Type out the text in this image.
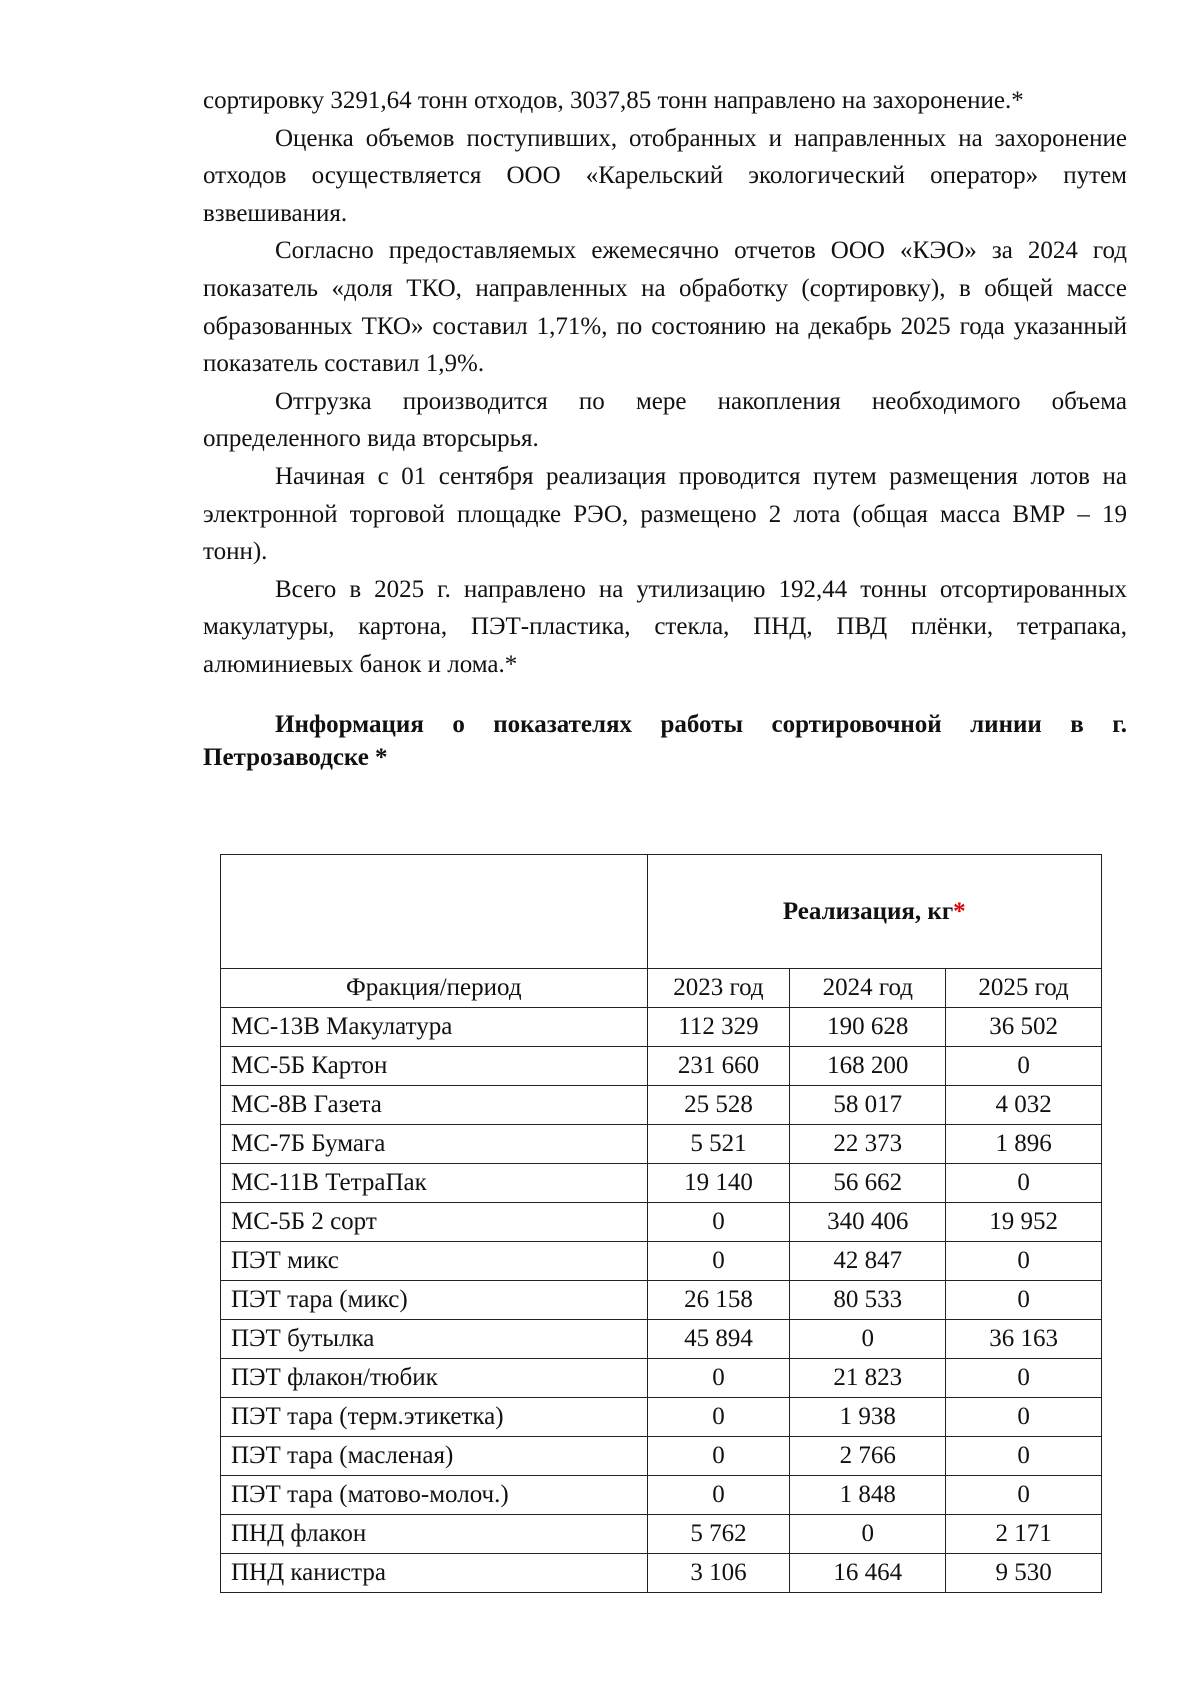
сортировку 3291,64 тонн отходов, 3037,85 тонн направлено на захоронение.*

Оценка объемов поступивших, отобранных и направленных на захоронение отходов осуществляется ООО «Карельский экологический оператор» путем взвешивания.

Согласно предоставляемых ежемесячно отчетов ООО «КЭО» за 2024 год показатель «доля ТКО, направленных на обработку (сортировку), в общей массе образованных ТКО» составил 1,71%, по состоянию на декабрь 2025 года указанный показатель составил 1,9%.

Отгрузка производится по мере накопления необходимого объема определенного вида вторсырья.

Начиная с 01 сентября реализация проводится путем размещения лотов на электронной торговой площадке РЭО, размещено 2 лота (общая масса ВМР – 19 тонн).

Всего в 2025 г. направлено на утилизацию 192,44 тонны отсортированных макулатуры, картона, ПЭТ-пластика, стекла, ПНД, ПВД плёнки, тетрапака, алюминиевых банок и лома.*

Информация о показателях работы сортировочной линии в г. Петрозаводске *

	Реализация, кг*		
Фракция/период	2023 год	2024 год	2025 год
МС-13В Макулатура	112 329	190 628	36 502
МС-5Б Картон	231 660	168 200	0
МС-8В Газета	25 528	58 017	4 032
МС-7Б Бумага	5 521	22 373	1 896
МС-11В ТетраПак	19 140	56 662	0
МС-5Б 2 сорт	0	340 406	19 952
ПЭТ микс	0	42 847	0
ПЭТ тара (микс)	26 158	80 533	0
ПЭТ бутылка	45 894	0	36 163
ПЭТ флакон/тюбик	0	21 823	0
ПЭТ тара (терм.этикетка)	0	1 938	0
ПЭТ тара (масленая)	0	2 766	0
ПЭТ тара (матово-молоч.)	0	1 848	0
ПНД флакон	5 762	0	2 171
ПНД канистра	3 106	16 464	9 530
